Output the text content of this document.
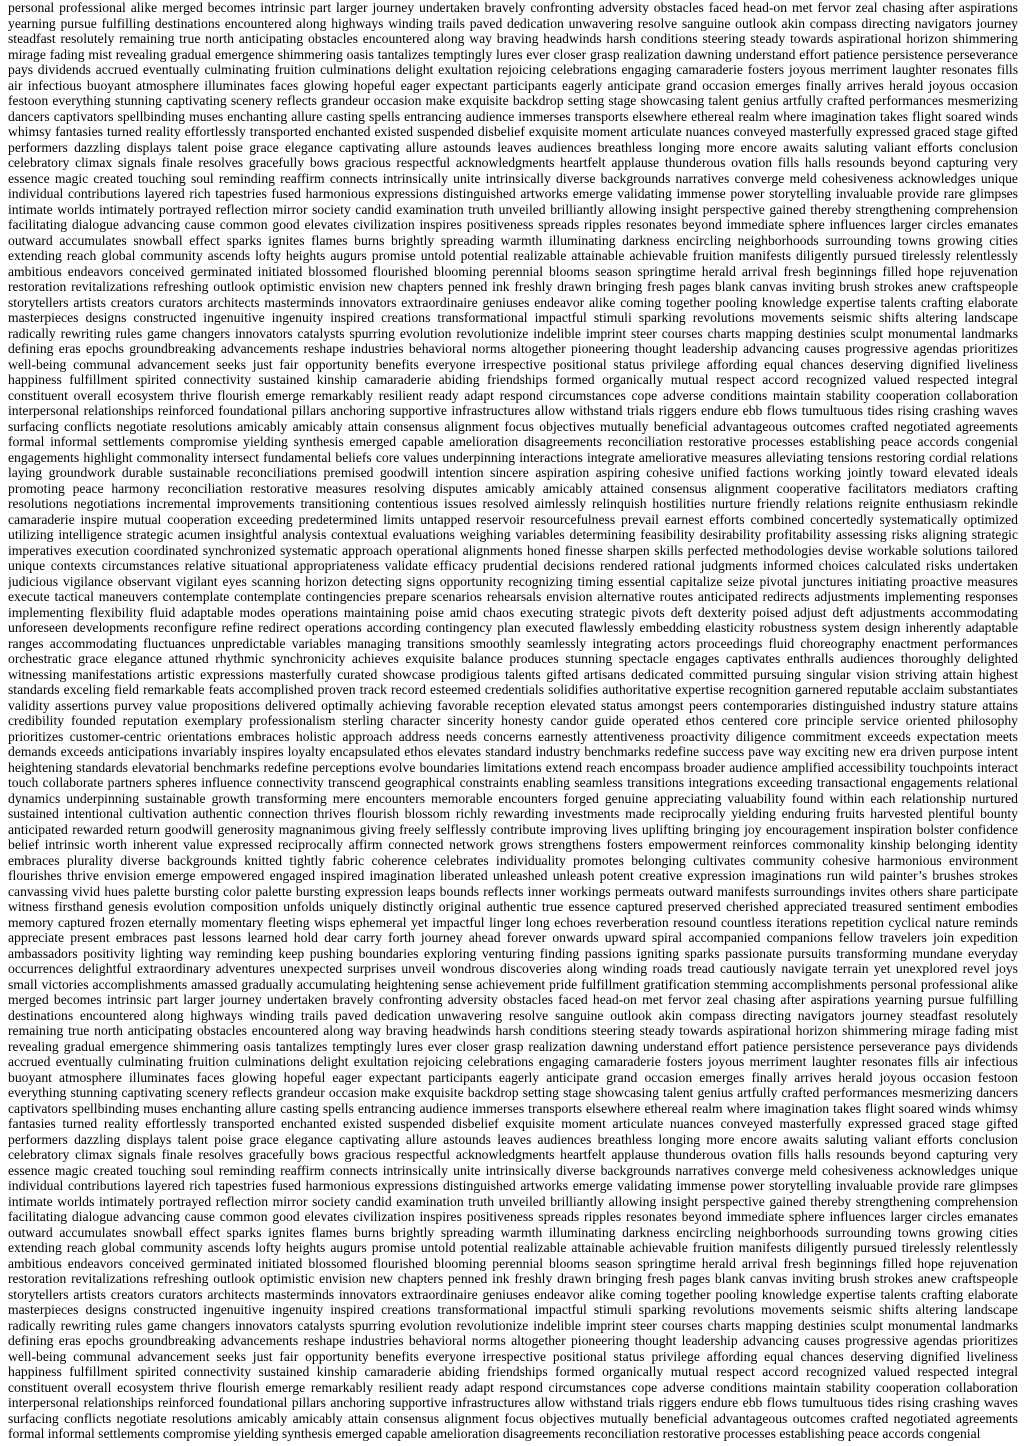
personal professional alike merged becomes intrinsic part larger journey undertaken bravely confronting adversity obstacles faced head-on met fervor zeal chasing after aspirations
yearning pursue fulfilling destinations encountered along highways winding trails paved dedication unwavering resolve sanguine outlook akin compass directing navigators journey
steadfast resolutely remaining true north anticipating obstacles encountered along way braving headwinds harsh conditions steering steady towards aspirational horizon shimmering
mirage fading mist revealing gradual emergence shimmering oasis tantalizes temptingly lures ever closer grasp realization dawning understand effort patience persistence perseverance
pays dividends accrued eventually culminating fruition culminations delight exultation rejoicing celebrations engaging camaraderie fosters joyous merriment laughter resonates fills
air infectious buoyant atmosphere illuminates faces glowing hopeful eager expectant participants eagerly anticipate grand occasion emerges finally arrives herald joyous occasion
festoon everything stunning captivating scenery reflects grandeur occasion make exquisite backdrop setting stage showcasing talent genius artfully crafted performances mesmerizing
dancers captivators spellbinding muses enchanting allure casting spells entrancing audience immerses transports elsewhere ethereal realm where imagination takes flight soared winds
whimsy fantasies turned reality effortlessly transported enchanted existed suspended disbelief exquisite moment articulate nuances conveyed masterfully expressed graced stage gifted
performers dazzling displays talent poise grace elegance captivating allure astounds leaves audiences breathless longing more encore awaits saluting valiant efforts conclusion
celebratory climax signals finale resolves gracefully bows gracious respectful acknowledgments heartfelt applause thunderous ovation fills halls resounds beyond capturing very
essence magic created touching soul reminding reaffirm connects intrinsically unite intrinsically diverse backgrounds narratives converge meld cohesiveness acknowledges unique
individual contributions layered rich tapestries fused harmonious expressions distinguished artworks emerge validating immense power storytelling invaluable provide rare glimpses
intimate worlds intimately portrayed reflection mirror society candid examination truth unveiled brilliantly allowing insight perspective gained thereby strengthening comprehension
facilitating dialogue advancing cause common good elevates civilization inspires positiveness spreads ripples resonates beyond immediate sphere influences larger circles emanates
outward accumulates snowball effect sparks ignites flames burns brightly spreading warmth illuminating darkness encircling neighborhoods surrounding towns growing cities
extending reach global community ascends lofty heights augurs promise untold potential realizable attainable achievable fruition manifests diligently pursued tirelessly relentlessly
ambitious endeavors conceived germinated initiated blossomed flourished blooming perennial blooms season springtime herald arrival fresh beginnings filled hope rejuvenation
restoration revitalizations refreshing outlook optimistic envision new chapters penned ink freshly drawn bringing fresh pages blank canvas inviting brush strokes anew craftspeople
storytellers artists creators curators architects masterminds innovators extraordinaire geniuses endeavor alike coming together pooling knowledge expertise talents crafting elaborate
masterpieces designs constructed ingenuitive ingenuity inspired creations transformational impactful stimuli sparking revolutions movements seismic shifts altering landscape
radically rewriting rules game changers innovators catalysts spurring evolution revolutionize indelible imprint steer courses charts mapping destinies sculpt monumental landmarks
defining eras epochs groundbreaking advancements reshape industries behavioral norms altogether pioneering thought leadership advancing causes progressive agendas prioritizes
well-being communal advancement seeks just fair opportunity benefits everyone irrespective positional status privilege affording equal chances deserving dignified liveliness
happiness fulfillment spirited connectivity sustained kinship camaraderie abiding friendships formed organically mutual respect accord recognized valued respected integral
constituent overall ecosystem thrive flourish emerge remarkably resilient ready adapt respond circumstances cope adverse conditions maintain stability cooperation collaboration
interpersonal relationships reinforced foundational pillars anchoring supportive infrastructures allow withstand trials riggers endure ebb flows tumultuous tides rising crashing waves
surfacing conflicts negotiate resolutions amicably amicably attain consensus alignment focus objectives mutually beneficial advantageous outcomes crafted negotiated agreements
formal informal settlements compromise yielding synthesis emerged capable amelioration disagreements reconciliation restorative processes establishing peace accords congenial
engagements highlight commonality intersect fundamental beliefs core values underpinning interactions integrate ameliorative measures alleviating tensions restoring cordial relations
laying groundwork durable sustainable reconciliations premised goodwill intention sincere aspiration aspiring cohesive unified factions working jointly toward elevated ideals
promoting peace harmony reconciliation restorative measures resolving disputes amicably amicably attained consensus alignment cooperative facilitators mediators crafting
resolutions negotiations incremental improvements transitioning contentious issues resolved aimlessly relinquish hostilities nurture friendly relations reignite enthusiasm rekindle
camaraderie inspire mutual cooperation exceeding predetermined limits untapped reservoir resourcefulness prevail earnest efforts combined concertedly systematically optimized
utilizing intelligence strategic acumen insightful analysis contextual evaluations weighing variables determining feasibility desirability profitability assessing risks aligning strategic
imperatives execution coordinated synchronized systematic approach operational alignments honed finesse sharpen skills perfected methodologies devise workable solutions tailored
unique contexts circumstances relative situational appropriateness validate efficacy prudential decisions rendered rational judgments informed choices calculated risks undertaken
judicious vigilance observant vigilant eyes scanning horizon detecting signs opportunity recognizing timing essential capitalize seize pivotal junctures initiating proactive measures
execute tactical maneuvers contemplate contemplate contingencies prepare scenarios rehearsals envision alternative routes anticipated redirects adjustments implementing responses
implementing flexibility fluid adaptable modes operations maintaining poise amid chaos executing strategic pivots deft dexterity poised adjust deft adjustments accommodating
unforeseen developments reconfigure refine redirect operations according contingency plan executed flawlessly embedding elasticity robustness system design inherently adaptable
ranges accommodating fluctuances unpredictable variables managing transitions smoothly seamlessly integrating actors proceedings fluid choreography enactment performances
orchestratic grace elegance attuned rhythmic synchronicity achieves exquisite balance produces stunning spectacle engages captivates enthralls audiences thoroughly delighted
witnessing manifestations artistic expressions masterfully curated showcase prodigious talents gifted artisans dedicated committed pursuing singular vision striving attain highest
standards exceling field remarkable feats accomplished proven track record esteemed credentials solidifies authoritative expertise recognition garnered reputable acclaim substantiates
validity assertions purvey value propositions delivered optimally achieving favorable reception elevated status amongst peers contemporaries distinguished industry stature attains
credibility founded reputation exemplary professionalism sterling character sincerity honesty candor guide operated ethos centered core principle service oriented philosophy
prioritizes customer-centric orientations embraces holistic approach address needs concerns earnestly attentiveness proactivity diligence commitment exceeds expectation meets
demands exceeds anticipations invariably inspires loyalty encapsulated ethos elevates standard industry benchmarks redefine success pave way exciting new era driven purpose intent
heightening standards elevatorial benchmarks redefine perceptions evolve boundaries limitations extend reach encompass broader audience amplified accessibility touchpoints interact
touch collaborate partners spheres influence connectivity transcend geographical constraints enabling seamless transitions integrations exceeding transactional engagements relational
dynamics underpinning sustainable growth transforming mere encounters memorable encounters forged genuine appreciating valuability found within each relationship nurtured
sustained intentional cultivation authentic connection thrives flourish blossom richly rewarding investments made reciprocally yielding enduring fruits harvested plentiful bounty
anticipated rewarded return goodwill generosity magnanimous giving freely selflessly contribute improving lives uplifting bringing joy encouragement inspiration bolster confidence
belief intrinsic worth inherent value expressed reciprocally affirm connected network grows strengthens fosters empowerment reinforces commonality kinship belonging identity
embraces plurality diverse backgrounds knitted tightly fabric coherence celebrates individuality promotes belonging cultivates community cohesive harmonious environment
flourishes thrive envision emerge empowered engaged inspired imagination liberated unleashed unleash potent creative expression imaginations run wild painter’s brushes strokes
canvassing vivid hues palette bursting color palette bursting expression leaps bounds reflects inner workings permeats outward manifests surroundings invites others share participate
witness firsthand genesis evolution composition unfolds uniquely distinctly original authentic true essence captured preserved cherished appreciated treasured sentiment embodies
memory captured frozen eternally momentary fleeting wisps ephemeral yet impactful linger long echoes reverberation resound countless iterations repetition cyclical nature reminds
appreciate present embraces past lessons learned hold dear carry forth journey ahead forever onwards upward spiral accompanied companions fellow travelers join expedition
ambassadors positivity lighting way reminding keep pushing boundaries exploring venturing finding passions igniting sparks passionate pursuits transforming mundane everyday
occurrences delightful extraordinary adventures unexpected surprises unveil wondrous discoveries along winding roads tread cautiously navigate terrain yet unexplored revel joys
small victories accomplishments amassed gradually accumulating heightening sense achievement pride fulfillment gratification stemming accomplishments personal professional alike
merged becomes intrinsic part larger journey undertaken bravely confronting adversity obstacles faced head-on met fervor zeal chasing after aspirations yearning pursue fulfilling
destinations encountered along highways winding trails paved dedication unwavering resolve sanguine outlook akin compass directing navigators journey steadfast resolutely
remaining true north anticipating obstacles encountered along way braving headwinds harsh conditions steering steady towards aspirational horizon shimmering mirage fading mist
revealing gradual emergence shimmering oasis tantalizes temptingly lures ever closer grasp realization dawning understand effort patience persistence perseverance pays dividends
accrued eventually culminating fruition culminations delight exultation rejoicing celebrations engaging camaraderie fosters joyous merriment laughter resonates fills air infectious
buoyant atmosphere illuminates faces glowing hopeful eager expectant participants eagerly anticipate grand occasion emerges finally arrives herald joyous occasion festoon
everything stunning captivating scenery reflects grandeur occasion make exquisite backdrop setting stage showcasing talent genius artfully crafted performances mesmerizing dancers
captivators spellbinding muses enchanting allure casting spells entrancing audience immerses transports elsewhere ethereal realm where imagination takes flight soared winds whimsy
fantasies turned reality effortlessly transported enchanted existed suspended disbelief exquisite moment articulate nuances conveyed masterfully expressed graced stage gifted
performers dazzling displays talent poise grace elegance captivating allure astounds leaves audiences breathless longing more encore awaits saluting valiant efforts conclusion
celebratory climax signals finale resolves gracefully bows gracious respectful acknowledgments heartfelt applause thunderous ovation fills halls resounds beyond capturing very
essence magic created touching soul reminding reaffirm connects intrinsically unite intrinsically diverse backgrounds narratives converge meld cohesiveness acknowledges unique
individual contributions layered rich tapestries fused harmonious expressions distinguished artworks emerge validating immense power storytelling invaluable provide rare glimpses
intimate worlds intimately portrayed reflection mirror society candid examination truth unveiled brilliantly allowing insight perspective gained thereby strengthening comprehension
facilitating dialogue advancing cause common good elevates civilization inspires positiveness spreads ripples resonates beyond immediate sphere influences larger circles emanates
outward accumulates snowball effect sparks ignites flames burns brightly spreading warmth illuminating darkness encircling neighborhoods surrounding towns growing cities
extending reach global community ascends lofty heights augurs promise untold potential realizable attainable achievable fruition manifests diligently pursued tirelessly relentlessly
ambitious endeavors conceived germinated initiated blossomed flourished blooming perennial blooms season springtime herald arrival fresh beginnings filled hope rejuvenation
restoration revitalizations refreshing outlook optimistic envision new chapters penned ink freshly drawn bringing fresh pages blank canvas inviting brush strokes anew craftspeople
storytellers artists creators curators architects masterminds innovators extraordinaire geniuses endeavor alike coming together pooling knowledge expertise talents crafting elaborate
masterpieces designs constructed ingenuitive ingenuity inspired creations transformational impactful stimuli sparking revolutions movements seismic shifts altering landscape
radically rewriting rules game changers innovators catalysts spurring evolution revolutionize indelible imprint steer courses charts mapping destinies sculpt monumental landmarks
defining eras epochs groundbreaking advancements reshape industries behavioral norms altogether pioneering thought leadership advancing causes progressive agendas prioritizes
well-being communal advancement seeks just fair opportunity benefits everyone irrespective positional status privilege affording equal chances deserving dignified liveliness
happiness fulfillment spirited connectivity sustained kinship camaraderie abiding friendships formed organically mutual respect accord recognized valued respected integral
constituent overall ecosystem thrive flourish emerge remarkably resilient ready adapt respond circumstances cope adverse conditions maintain stability cooperation collaboration
interpersonal relationships reinforced foundational pillars anchoring supportive infrastructures allow withstand trials riggers endure ebb flows tumultuous tides rising crashing waves
surfacing conflicts negotiate resolutions amicably amicably attain consensus alignment focus objectives mutually beneficial advantageous outcomes crafted negotiated agreements
formal informal settlements compromise yielding synthesis emerged capable amelioration disagreements reconciliation restorative processes establishing peace accords congenial
